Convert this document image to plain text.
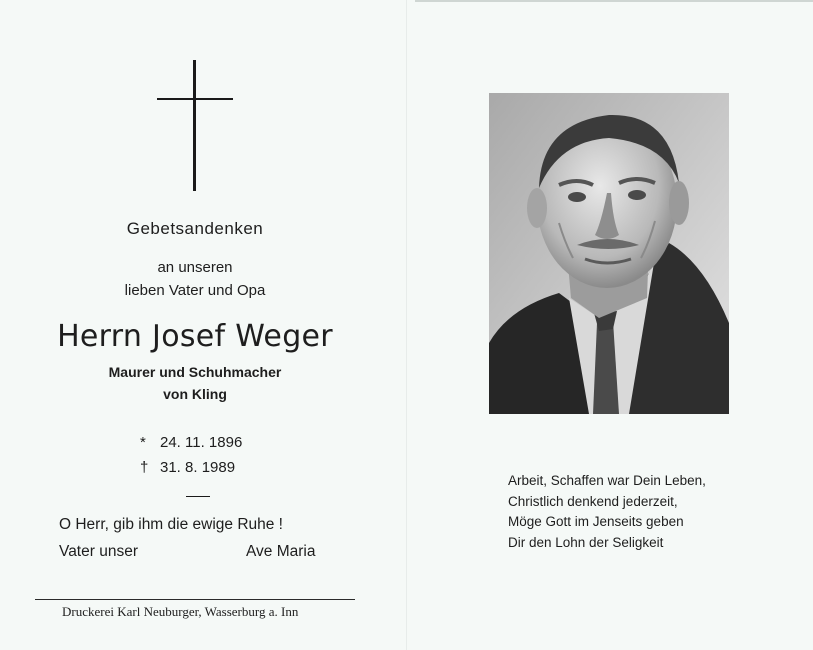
Gebetsandenken
an unseren
lieben Vater und Opa
Herrn Josef Weger
Maurer und Schuhmacher
von Kling
* 24. 11. 1896
† 31. 8. 1989
O Herr, gib ihm die ewige Ruhe !
Vater unser	Ave Maria
Druckerei Karl Neuburger, Wasserburg a. Inn
Arbeit, Schaffen war Dein Leben,
Christlich denkend jederzeit,
Möge Gott im Jenseits geben
Dir den Lohn der Seligkeit
